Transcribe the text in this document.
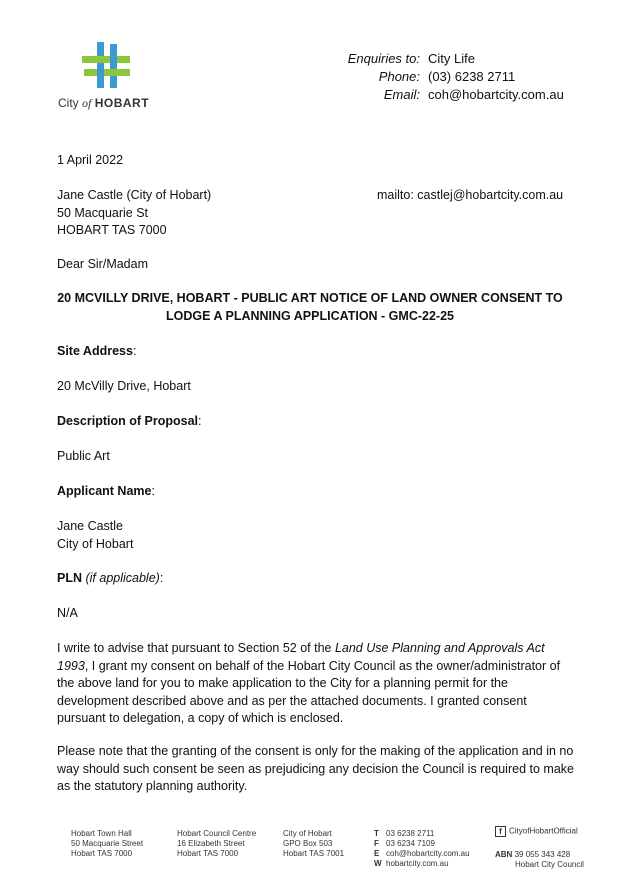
City of HOBART
Enquiries to:
Phone:
Email:
City Life
(03) 6238 2711
coh@hobartcity.com.au
1 April 2022
Jane Castle (City of Hobart)
50 Macquarie St
HOBART TAS 7000
mailto: castlej@hobartcity.com.au
Dear Sir/Madam
20 MCVILLY DRIVE, HOBART - PUBLIC ART NOTICE OF LAND OWNER CONSENT TO
LODGE A PLANNING APPLICATION - GMC-22-25
Site Address:
20 McVilly Drive, Hobart
Description of Proposal:
Public Art
Applicant Name:
Jane Castle
City of Hobart
PLN (if applicable):
N/A
I write to advise that pursuant to Section 52 of the Land Use Planning and Approvals Act 1993, I grant my consent on behalf of the Hobart City Council as the owner/administrator of the above land for you to make application to the City for a planning permit for the development described above and as per the attached documents. I granted consent pursuant to delegation, a copy of which is enclosed.
Please note that the granting of the consent is only for the making of the application and in no way should such consent be seen as prejudicing any decision the Council is required to make as the statutory planning authority.
Hobart Town Hall
50 Macquarie Street
Hobart TAS 7000
Hobart Council Centre
16 Elizabeth Street
Hobart TAS 7000
City of Hobart
GPO Box 503
Hobart TAS 7001
T
F
E
W
03 6238 2711
03 6234 7109
coh@hobartcity.com.au
hobartcity.com.au
f CityofHobartOfficial
ABN 39 055 343 428
Hobart City Council
